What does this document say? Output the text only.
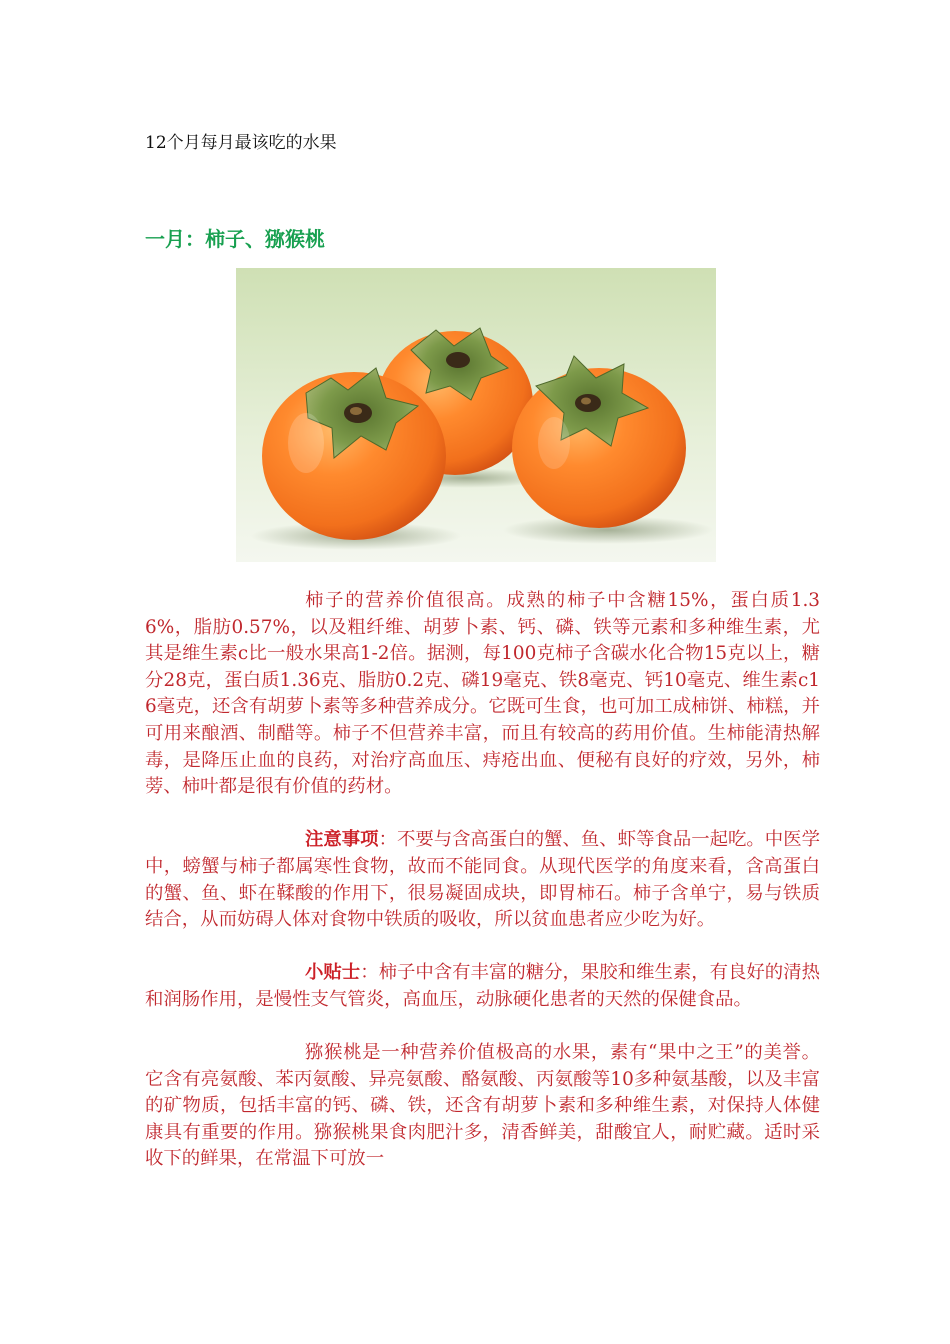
12个月每月最该吃的水果
一月：柿子、猕猴桃

柿子的营养价值很高。成熟的柿子中含糖15%，蛋白质1.36%，脂肪0.57%，以及粗纤维、胡萝卜素、钙、磷、铁等元素和多种维生素，尤其是维生素c比一般水果高1-2倍。据测，每100克柿子含碳水化合物15克以上，糖分28克，蛋白质1.36克、脂肪0.2克、磷19毫克、铁8毫克、钙10毫克、维生素c16毫克，还含有胡萝卜素等多种营养成分。它既可生食，也可加工成柿饼、柿糕，并可用来酿酒、制醋等。柿子不但营养丰富，而且有较高的药用价值。生柿能清热解毒，是降压止血的良药，对治疗高血压、痔疮出血、便秘有良好的疗效，另外，柿蒡、柿叶都是很有价值的药材。

注意事项：不要与含高蛋白的蟹、鱼、虾等食品一起吃。中医学中，螃蟹与柿子都属寒性食物，故而不能同食。从现代医学的角度来看，含高蛋白的蟹、鱼、虾在鞣酸的作用下，很易凝固成块，即胃柿石。柿子含单宁，易与铁质结合，从而妨碍人体对食物中铁质的吸收，所以贫血患者应少吃为好。

小贴士：柿子中含有丰富的糖分，果胶和维生素，有良好的清热和润肠作用，是慢性支气管炎，高血压，动脉硬化患者的天然的保健食品。

猕猴桃是一种营养价值极高的水果，素有“果中之王”的美誉。它含有亮氨酸、苯丙氨酸、异亮氨酸、酪氨酸、丙氨酸等10多种氨基酸，以及丰富的矿物质，包括丰富的钙、磷、铁，还含有胡萝卜素和多种维生素，对保持人体健康具有重要的作用。猕猴桃果食肉肥汁多，清香鲜美，甜酸宜人，耐贮藏。适时采收下的鲜果，在常温下可放一
